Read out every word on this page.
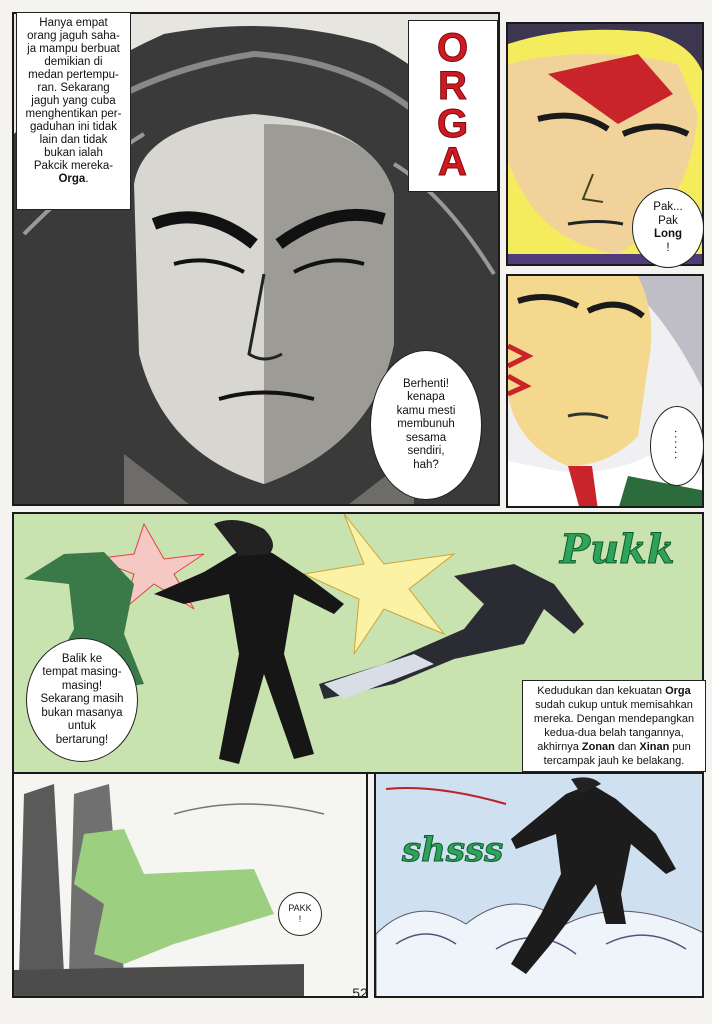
O
R
G
A
Hanya empat
orang jaguh saha-
ja mampu berbuat
demikian di
medan pertempu-
ran. Sekarang
jaguh yang cuba
menghentikan per-
gaduhan ini tidak
lain dan tidak
bukan ialah
Pakcik mereka-
Orga.
Pak...
Pak
Long
!
......
Berhenti!
kenapa
kamu mesti
membunuh
sesama
sendiri,
hah?
Pukk
Balik ke
tempat masing-
masing!
Sekarang masih
bukan masanya
untuk
bertarung!
Kedudukan dan kekuatan Orga
sudah cukup untuk memisahkan
mereka. Dengan mendepangkan
kedua-dua belah tangannya,
akhirnya Zonan dan Xinan pun
tercampak jauh ke belakang.
PAKK
!
shsss
52
